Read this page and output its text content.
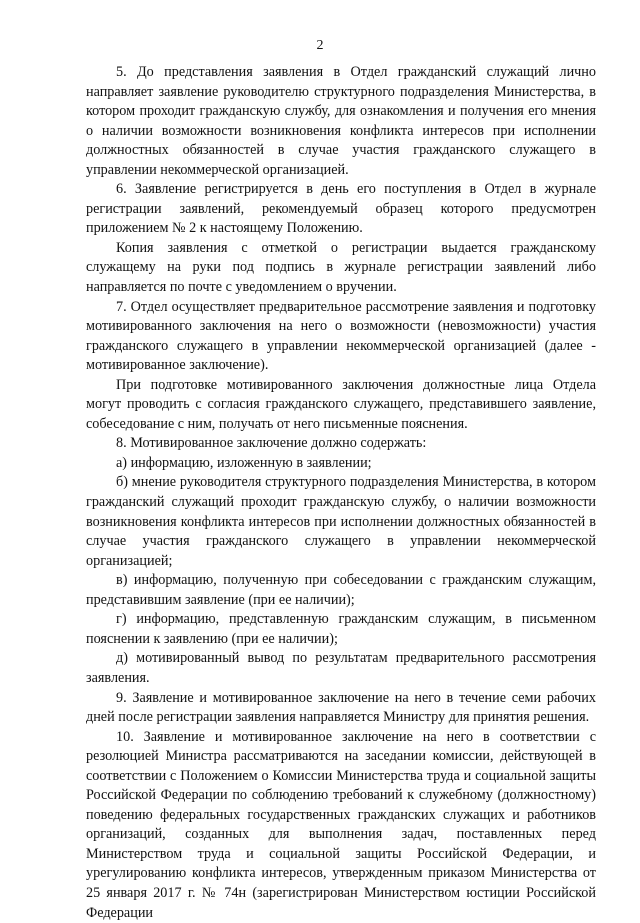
2

5. До представления заявления в Отдел гражданский служащий лично направляет заявление руководителю структурного подразделения Министерства, в котором проходит гражданскую службу, для ознакомления и получения его мнения о наличии возможности возникновения конфликта интересов при исполнении должностных обязанностей в случае участия гражданского служащего в управлении некоммерческой организацией.

6. Заявление регистрируется в день его поступления в Отдел в журнале регистрации заявлений, рекомендуемый образец которого предусмотрен приложением № 2 к настоящему Положению.

Копия заявления с отметкой о регистрации выдается гражданскому служащему на руки под подпись в журнале регистрации заявлений либо направляется по почте с уведомлением о вручении.

7. Отдел осуществляет предварительное рассмотрение заявления и подготовку мотивированного заключения на него о возможности (невозможности) участия гражданского служащего в управлении некоммерческой организацией (далее - мотивированное заключение).

При подготовке мотивированного заключения должностные лица Отдела могут проводить с согласия гражданского служащего, представившего заявление, собеседование с ним, получать от него письменные пояснения.

8. Мотивированное заключение должно содержать:

а) информацию, изложенную в заявлении;

б) мнение руководителя структурного подразделения Министерства, в котором гражданский служащий проходит гражданскую службу, о наличии возможности возникновения конфликта интересов при исполнении должностных обязанностей в случае участия гражданского служащего в управлении некоммерческой организацией;

в) информацию, полученную при собеседовании с гражданским служащим, представившим заявление (при ее наличии);

г) информацию, представленную гражданским служащим, в письменном пояснении к заявлению (при ее наличии);

д) мотивированный вывод по результатам предварительного рассмотрения заявления.

9. Заявление и мотивированное заключение на него в течение семи рабочих дней после регистрации заявления направляется Министру для принятия решения.

10. Заявление и мотивированное заключение на него в соответствии с резолюцией Министра рассматриваются на заседании комиссии, действующей в соответствии с Положением о Комиссии Министерства труда и социальной защиты Российской Федерации по соблюдению требований к служебному (должностному) поведению федеральных государственных гражданских служащих и работников организаций, созданных для выполнения задач, поставленных перед Министерством труда и социальной защиты Российской Федерации, и урегулированию конфликта интересов, утвержденным приказом Министерства от 25 января 2017 г. № 74н (зарегистрирован Министерством юстиции Российской Федерации
